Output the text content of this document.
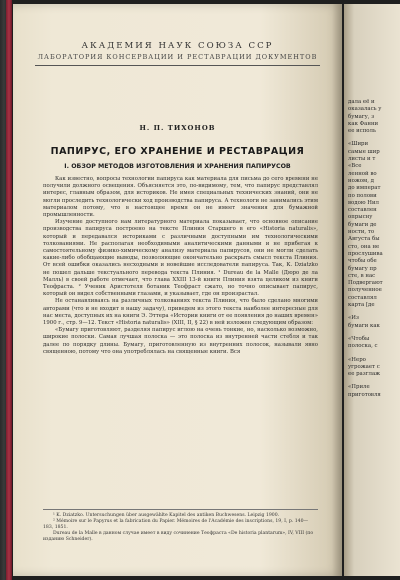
АКАДЕМИЯ НАУК СОЮЗА ССР
ЛАБОРАТОРИЯ КОНСЕРВАЦИИ И РЕСТАВРАЦИИ ДОКУМЕНТОВ
Н. П. ТИХОНОВ
ПАПИРУС, ЕГО ХРАНЕНИЕ И РЕСТАВРАЦИЯ
I. ОБЗОР МЕТОДОВ ИЗГОТОВЛЕНИЯ И ХРАНЕНИЯ ПАПИРУСОВ

Как известно, вопросы технологии папируса как материала для письма до сего времени не получили должного освещения. Объясняется это, по-видимому, тем, что папирус представлял интерес, главным образом, для историков. Не имея специальных технических знаний, они не могли проследить технологически ход производства папируса. А технологи не занимались этим материалом потому, что в настоящее время он не имеет значения для бумажной промышленности.

Изучение доступного нам литературного материала показывает, что основное описание производства папируса построено на тексте Плиния Старшего в его «Historia naturalis», который и передавался историками с различными доступными им технологическими толкованиями. Не располагая необходимыми аналитическими данными и не прибегая к самостоятельному физико-химическому анализу материала папирусов, они не могли сделать какие-либо обобщающие выводы, позволяющие окончательно раскрыть смысл текста Плиния. От всей ошибки оказались несходными и новейшие исследователи папируса. Так, К. Dziatzko не пошел дальше текстуального перевода текста Плиния. ¹ Dureau de la Malle (Дюро де ла Малль) в своей работе отмечает, что глава XXIII 13-й книги Плиния взята целиком из книги Теофраста. ² Ученик Аристотеля ботаник Теофраст сжато, но точно описывает папирус, который он видел собственными глазами, и указывает, где он произрастал.

Не останавливаясь на различных толкованиях текста Плиния, что было сделано многими авторами (что и не входит в нашу задачу), приведем из этого текста наиболее интересные для нас места, доступных их на книги Э. Эттера «Истории книги от ее появления до наших времен» 1900 г., стр. 9—12. Текст «Historia naturalis» (XIII, II, § 22) в ней изложен следующим образом:

«Бумагу приготовляют, разделяя папирус иглою на очень тонкие, но, насколько возможно, широкие полоски. Самая лучшая полоска — это полоска из внутренней части стебля и так далее по порядку длины. Бумагу, приготовленную из внутренних полосок, называли явно священною, потому что она употреблялась на священные книги. Вся

¹ K. Dziatzko. Untersuchungen über ausgewählte Kapitel des antiken Buchwesens. Leipzig 1900.
² Mémoire sur le Papyrus et la fabrication du Papier. Mémoires de l'Académie des inscriptions, 19, I, p. 140—183, 1851.
Dureau de la Malle в данном случае имеет в виду сочинение Теофраста «De historia plantarum», IV, VIII (по изданию Schneider).
дала её и
оказалась у
бумагу, з
как Фанни
ее исполь
«Шири
самые шир
листы и т
«Все
ленной во
ножом, д
до императ
по полови
водою Нил
составлен
опрысну
бумаги де
ности, то
Августа бы
сто, она не
прослушива
чтобы обе
бумагу пр
сте, в нас
Подвергают
полученное
составлял
карта [де
«Из
бумаги как
«Чтобы
полоска, с
«Неро
угрожает с
ее разглаж
«Приле
приготовля
